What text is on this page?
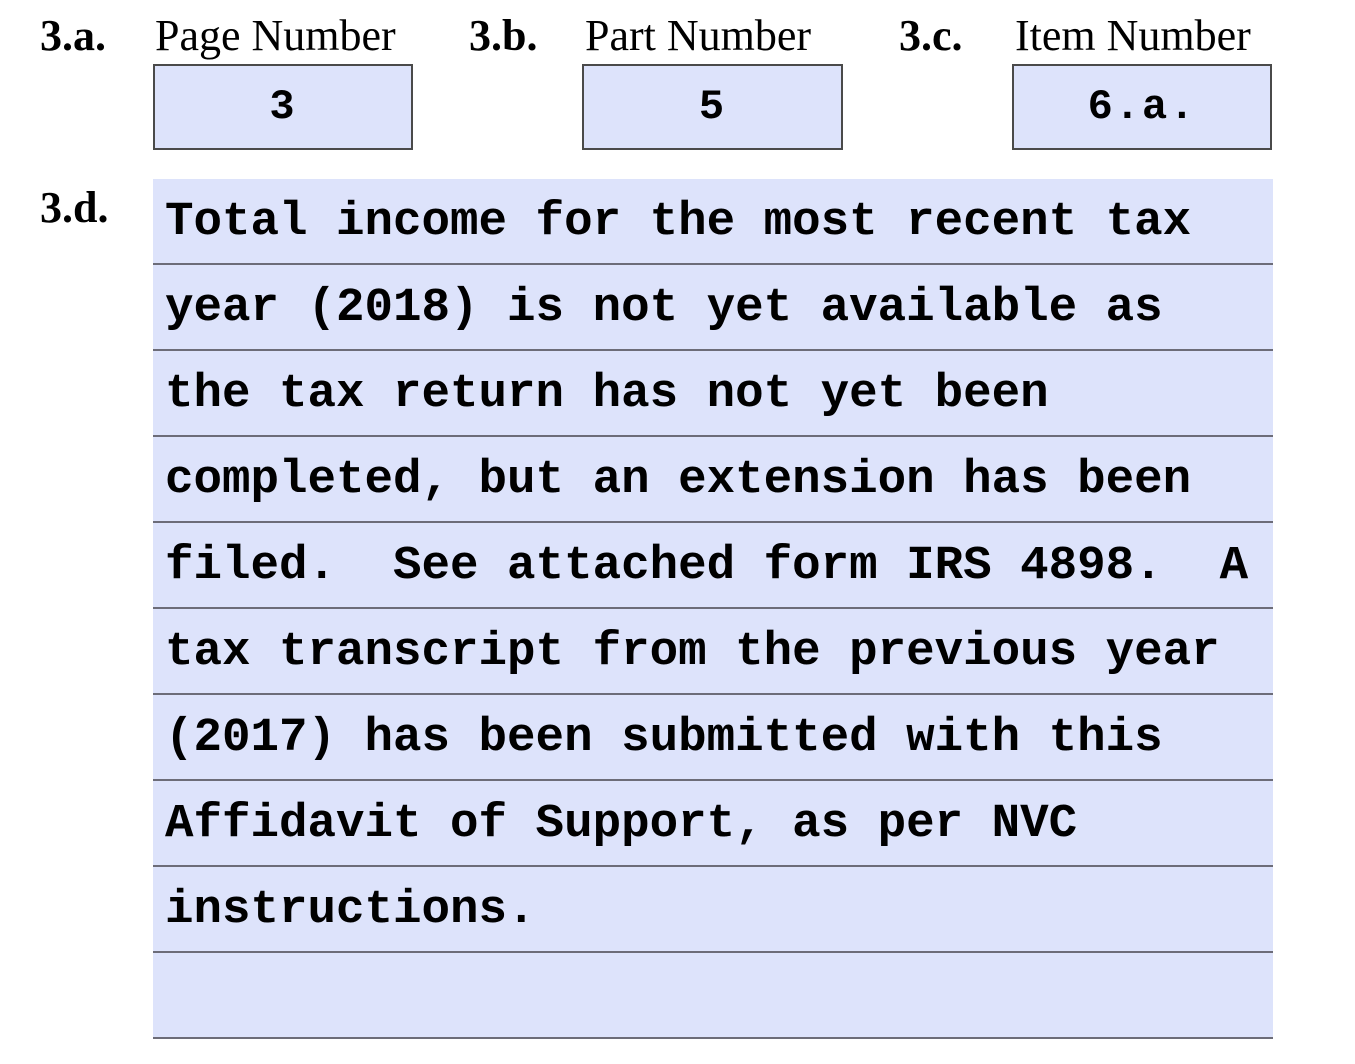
3.a. Page Number
3
3.b. Part Number
5
3.c. Item Number
6.a.
3.d. Total income for the most recent tax
year (2018) is not yet available as
the tax return has not yet been
completed, but an extension has been
filed.  See attached form IRS 4898.  A
tax transcript from the previous year
(2017) has been submitted with this
Affidavit of Support, as per NVC
instructions.
